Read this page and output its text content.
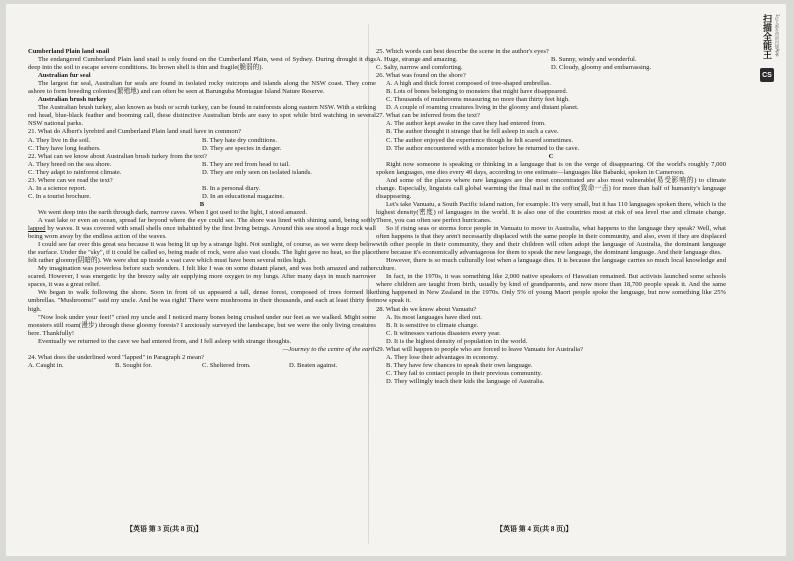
扫描全能王	3亿人都在用的扫描App
CS

Cumberland Plain land snail

The endangered Cumberland Plain land snail is only found on the Cumberland Plain, west of Sydney. During drought it digs deep into the soil to escape severe conditions. Its brown shell is thin and fragile(脆弱的).

Australian fur seal

The largest fur seal, Australian fur seals are found in isolated rocky outcrops and islands along the NSW coast. They come ashore to form breeding colonies(繁殖地) and can often be seen at Barunguba Montague Island Nature Reserve.

Australian brush turkey

The Australian brush turkey, also known as bush or scrub turkey, can be found in rainforests along eastern NSW. With a striking red head, blue-black feather and booming call, these distinctive Australian birds are easy to spot while bird watching in several NSW national parks.

21. What do Albert's lyrebird and Cumberland Plain land snail have in common?

A. They live in the soil.	B. They hate dry conditions.
C. They have long feathers.	D. They are species in danger.

22. What can we know about Australian brush turkey from the text?

A. They breed on the sea shore.	B. They are red from head to tail.
C. They adapt to rainforest climate.	D. They are only seen on isolated islands.

23. Where can we read the text?

A. In a science report.	B. In a personal diary.
C. In a tourist brochure.	D. In an educational magazine.

B

We went deep into the earth through dark, narrow caves. When I got used to the light, I stood amazed.

A vast lake or even an ocean, spread far beyond where the eye could see. The shore was lined with shining sand, being softly lapped by waves. It was covered with small shells once inhabited by the first living beings. Around this sea stood a huge rock wall being worn away by the endless action of the waves.

I could see far over this great sea because it was being lit up by a strange light. Not sunlight, of course, as we were deep below the surface. Under the "sky", if it could be called so, being made of rock, were also vast clouds. The light gave no heat, so the place felt rather gloomy(阴暗的). We were shut up inside a vast cave which must have been several miles high.

My imagination was powerless before such wonders. I felt like I was on some distant planet, and was both amazed and rather scared. However, I was energetic by the breezy salty air supplying more oxygen to my lungs. After many days in much narrower spaces, it was a great relief.

We began to walk following the shore. Soon in front of us appeared a tall, dense forest, composed of trees formed like umbrellas. "Mushrooms!" said my uncle. And he was right! There were mushrooms in their thousands, and each at least thirty feet high.

"Now look under your feet!" cried my uncle and I noticed many bones being crushed under our feet as we walked. Might some monsters still roam(漫步) through these gloomy forests? I anxiously surveyed the landscape, but we were the only living creatures here. Thankfully!

Eventually we returned to the cave we had entered from, and I fell asleep with strange thoughts.

—Journey to the centre of the earth

24. What does the underlined word "lapped" in Paragraph 2 mean?

A. Caught in.	B. Sought for.	C. Sheltered from.	D. Beaten against.

25. Which words can best describe the scene in the author's eyes?

A. Huge, strange and amazing.	B. Sunny, windy and wonderful.
C. Salty, narrow and comforting.	D. Cloudy, gloomy and embarrassing.

26. What was found on the shore?

A. A high and thick forest composed of tree-shaped umbrellas.

B. Lots of bones belonging to monsters that might have disappeared.

C. Thousands of mushrooms measuring no more than thirty feet high.

D. A couple of roaming creatures living in the gloomy and distant planet.

27. What can be inferred from the text?

A. The author kept awake in the cave they had entered from.

B. The author thought it strange that he fell asleep in such a cave.

C. The author enjoyed the experience though he felt scared sometimes.

D. The author encountered with a monster before he returned to the cave.

C

Right now someone is speaking or thinking in a language that is on the verge of disappearing. Of the world's roughly 7,000 spoken languages, one dies every 40 days, according to one estimate—languages like Babanki, spoken in Cameroon.

And some of the places where rare languages are the most concentrated are also most vulnerable(易受影响的) to climate change. Especially, linguists call global warming the final nail in the coffin(致命一击) for more than half of humanity's language disappearing.

Let's take Vanuatu, a South Pacific island nation, for example. It's very small, but it has 110 languages spoken there, which is the highest density(密度) of languages in the world. It is also one of the countries most at risk of sea level rise and climate change. There, you can often see perfect hurricanes.

So if rising seas or storms force people in Vanuatu to move to Australia, what happens to the language they speak? Well, what often happens is that they aren't necessarily displaced with the same people in their community, and also, even if they are displaced with other people in their community, they and their children will often adopt the language of Australia, the dominant language there because it's economically advantageous for them to speak the new language, the dominant language. And their language dies.

However, there is so much culturally lost when a language dies. It is because the language carries so much local knowledge and culture.

In fact, in the 1970s, it was something like 2,000 native speakers of Hawaiian remained. But activists launched some schools where children are taught from birth, usually by kind of grandparents, and now more than 18,700 people speak it. And the same thing happened in New Zealand in the 1970s. Only 5% of young Maori people spoke the language, but now something like 25% now speak it.

28. What do we know about Vanuatu?

A. Its most languages have died out.

B. It is sensitive to climate change.

C. It witnesses various disasters every year.

D. It is the highest density of population in the world.

29. What will happen to people who are forced to leave Vanuatu for Australia?

A. They lose their advantages in economy.

B. They have few chances to speak their own language.

C. They fail to contact people in their previous community.

D. They willingly teach their kids the language of Australia.

【英语 第 3 页(共 8 页)】	【英语 第 4 页(共 8 页)】
